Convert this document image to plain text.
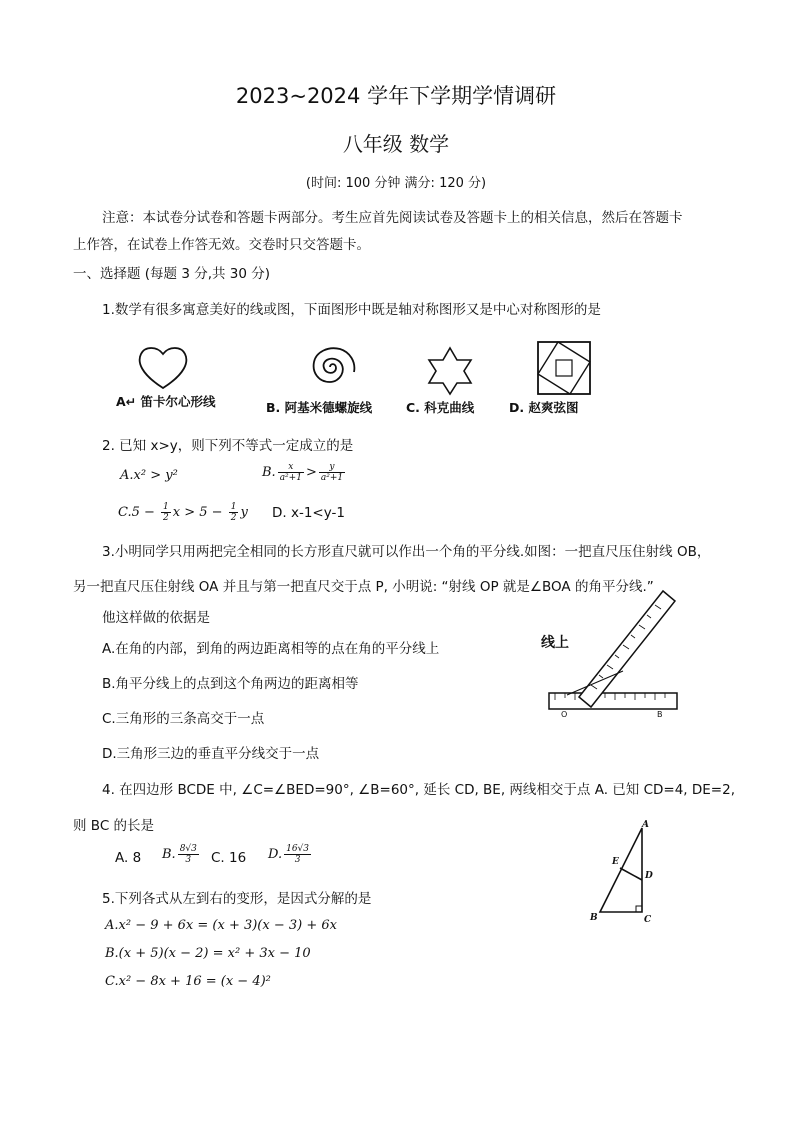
2023~2024 学年下学期学情调研
八年级 数学
(时间: 100 分钟 满分: 120 分)
注意：本试卷分试卷和答题卡两部分。考生应首先阅读试卷及答题卡上的相关信息，然后在答题卡
上作答，在试卷上作答无效。交卷时只交答题卡。
一、选择题 (每题 3 分,共 30 分)
1.数学有很多寓意美好的线或图，下面图形中既是轴对称图形又是中心对称图形的是
A↵ 笛卡尔心形线	B. 阿基米德螺旋线	C. 科克曲线	D. 赵爽弦图
2. 已知 x>y，则下列不等式一定成立的是
A.x² > y²	B. $\frac{x}{\text{a²+1}} > \frac{y}{\text{a²+1}}$
$C.5 - \frac{1}{2}$ $x > 5 - \frac{1}{2}$ y D. x-1<y-1
3.小明同学只用两把完全相同的长方形直尺就可以作出一个角的平分线.如图：一把直尺压住射线 OB，
另一把直尺压住射线 OA 并且与第一把直尺交于点 P, 小明说: “射线 OP 就是∠BOA 的角平分线.”
他这样做的依据是
A.在角的内部，到角的两边距离相等的点在角的平分线上
B.角平分线上的点到这个角两边的距离相等
C.三角形的三条高交于一点
D.三角形三边的垂直平分线交于一点
线上
O	B
4. 在四边形 BCDE 中, ∠C=∠BED=90°, ∠B=60°, 延长 CD, BE, 两线相交于点 A. 已知 CD=4, DE=2,
则 BC 的长是
A. 8 B. $\frac{8√3}{3} C$. 16 D. $\frac{16√3}{3}$
A
E
D
B	C
5.下列各式从左到右的变形，是因式分解的是
A.x² − 9 + 6x = (x + 3)(x − 3) + 6x
B.(x + 5)(x − 2) = x² + 3x − 10
C.x² − 8x + 16 = (x − 4)²
